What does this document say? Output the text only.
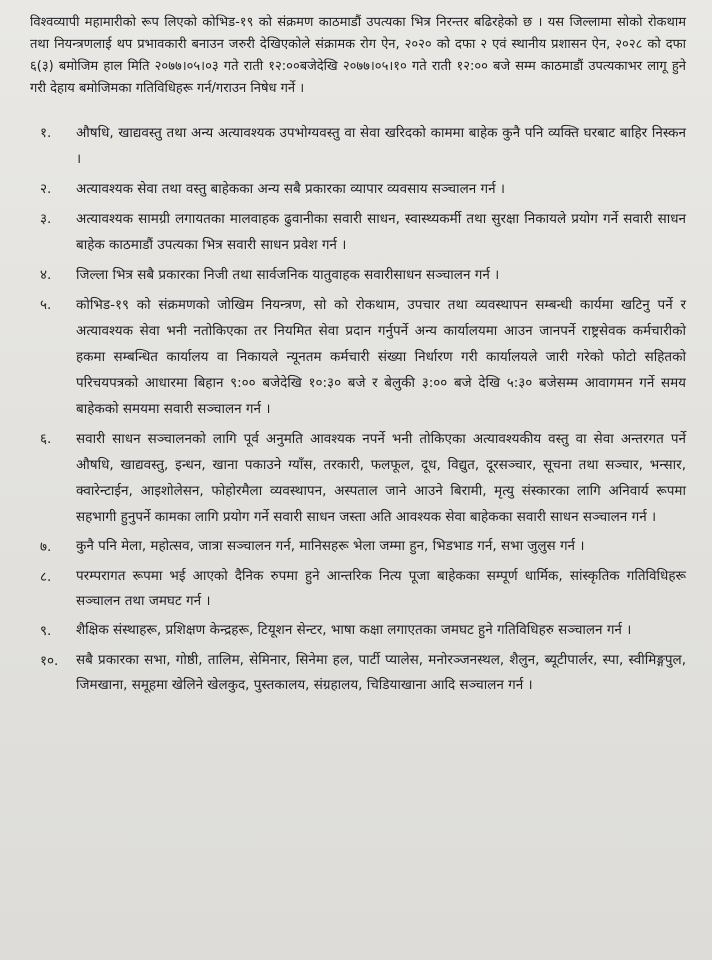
विश्वव्यापी महामारीको रूप लिएको कोभिड-१९ को संक्रमण काठमाडौं उपत्यका भित्र निरन्तर बढिरहेको छ । यस जिल्लामा सोको रोकथाम तथा नियन्त्रणलाई थप प्रभावकारी बनाउन जरुरी देखिएकोले संक्रामक रोग ऐन, २०२० को दफा २ एवं स्थानीय प्रशासन ऐन, २०२८ को दफा ६(३) बमोजिम हाल मिति २०७७।०५।०३ गते राती १२:००बजेदेखि २०७७।०५।१० गते राती १२:०० बजे सम्म काठमाडौं उपत्यकाभर लागू हुने गरी देहाय बमोजिमका गतिविधिहरू गर्न/गराउन निषेध गर्ने ।

१.	औषधि, खाद्यवस्तु तथा अन्य अत्यावश्यक उपभोग्यवस्तु वा सेवा खरिदको काममा बाहेक कुनै पनि व्यक्ति घरबाट बाहिर निस्कन ।
२.	अत्यावश्यक सेवा तथा वस्तु बाहेकका अन्य सबै प्रकारका व्यापार व्यवसाय सञ्चालन गर्न ।
३.	अत्यावश्यक सामग्री लगायतका मालवाहक ढुवानीका सवारी साधन, स्वास्थ्यकर्मी तथा सुरक्षा निकायले प्रयोग गर्ने सवारी साधन बाहेक काठमाडौं उपत्यका भित्र सवारी साधन प्रवेश गर्न ।
४.	जिल्ला भित्र सबै प्रकारका निजी तथा सार्वजनिक यातुवाहक सवारीसाधन सञ्चालन गर्न ।
५.	कोभिड-१९ को संक्रमणको जोखिम नियन्त्रण, सो को रोकथाम, उपचार तथा व्यवस्थापन सम्बन्धी कार्यमा खटिनु पर्ने र अत्यावश्यक सेवा भनी नतोकिएका तर नियमित सेवा प्रदान गर्नुपर्ने अन्य कार्यालयमा आउन जानपर्ने राष्ट्रसेवक कर्मचारीको हकमा सम्बन्धित कार्यालय वा निकायले न्यूनतम कर्मचारी संख्या निर्धारण गरी कार्यालयले जारी गरेको फोटो सहितको परिचयपत्रको आधारमा बिहान ९:०० बजेदेखि १०:३० बजे र बेलुकी ३:०० बजे देखि ५:३० बजेसम्म आवागमन गर्ने समय बाहेकको समयमा सवारी सञ्चालन गर्न ।
६.	सवारी साधन सञ्चालनको लागि पूर्व अनुमति आवश्यक नपर्ने भनी तोकिएका अत्यावश्यकीय वस्तु वा सेवा अन्तरगत पर्ने औषधि, खाद्यवस्तु, इन्धन, खाना पकाउने ग्याँस, तरकारी, फलफूल, दूध, विद्युत, दूरसञ्चार, सूचना तथा सञ्चार, भन्सार, क्वारेन्टाईन, आइशोलेसन, फोहोरमैला व्यवस्थापन, अस्पताल जाने आउने बिरामी, मृत्यु संस्कारका लागि अनिवार्य रूपमा सहभागी हुनुपर्ने कामका लागि प्रयोग गर्ने सवारी साधन जस्ता अति आवश्यक सेवा बाहेकका सवारी साधन सञ्चालन गर्न ।
७.	कुनै पनि मेला, महोत्सव, जात्रा सञ्चालन गर्न, मानिसहरू भेला जम्मा हुन, भिडभाड गर्न, सभा जुलुस गर्न ।
८.	परम्परागत रूपमा भई आएको दैनिक रुपमा हुने आन्तरिक नित्य पूजा बाहेकका सम्पूर्ण धार्मिक, सांस्कृतिक गतिविधिहरू सञ्चालन तथा जमघट गर्न ।
९.	शैक्षिक संस्थाहरू, प्रशिक्षण केन्द्रहरू, टियूशन सेन्टर, भाषा कक्षा लगाएतका जमघट हुने गतिविधिहरु सञ्चालन गर्न ।
१०.	सबै प्रकारका सभा, गोष्ठी, तालिम, सेमिनार, सिनेमा हल, पार्टी प्यालेस, मनोरञ्जनस्थल, शैलुन, ब्यूटीपार्लर, स्पा, स्वीमिङ्गपुल, जिमखाना, समूहमा खेलिने खेलकुद, पुस्तकालय, संग्रहालय, चिडियाखाना आदि सञ्चालन गर्न ।
